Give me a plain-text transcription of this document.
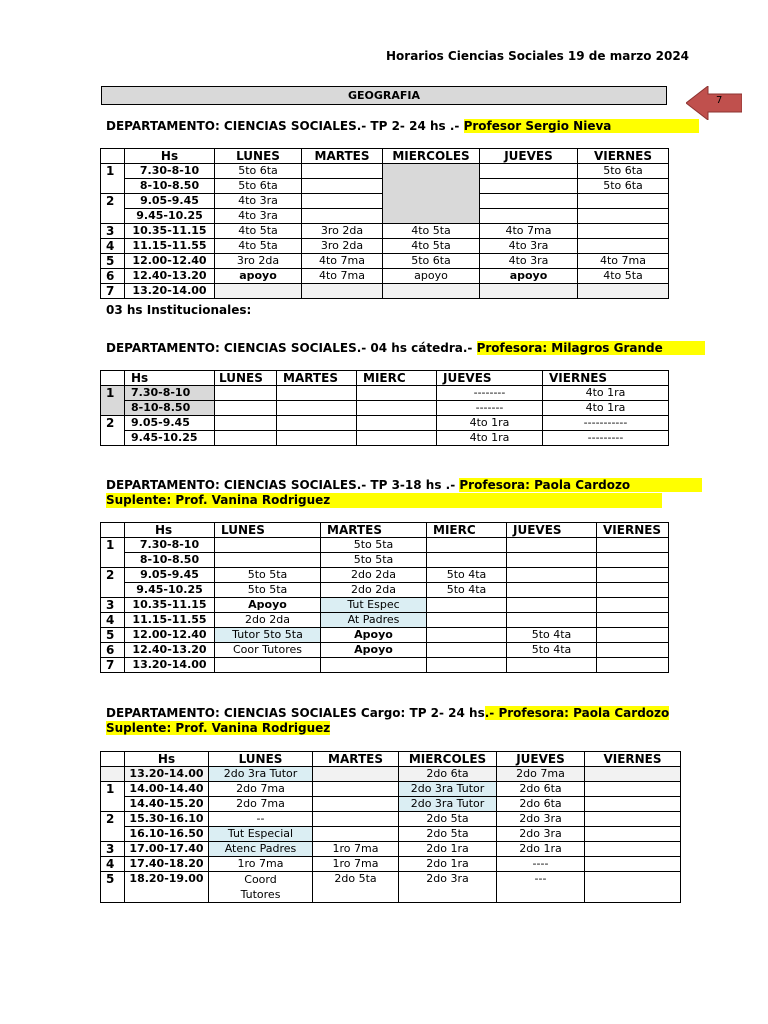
Horarios Ciencias Sociales 19 de marzo 2024
GEOGRAFIA	7
DEPARTAMENTO: CIENCIAS SOCIALES.- TP 2- 24 hs .- Profesor Sergio Nieva
	Hs	LUNES	MARTES	MIERCOLES	JUEVES	VIERNES
1	7.30-8-10	5to 6ta				5to 6ta
	8-10-8.50	5to 6ta				5to 6ta
2	9.05-9.45	4to 3ra				
	9.45-10.25	4to 3ra				
3	10.35-11.15	4to 5ta	3ro 2da	4to 5ta	4to 7ma	
4	11.15-11.55	4to 5ta	3ro 2da	4to 5ta	4to 3ra	
5	12.00-12.40	3ro 2da	4to 7ma	5to 6ta	4to 3ra	4to 7ma
6	12.40-13.20	apoyo	4to 7ma	apoyo	apoyo	4to 5ta
7	13.20-14.00					
03 hs Institucionales:
DEPARTAMENTO: CIENCIAS SOCIALES.- 04 hs cátedra.- Profesora: Milagros Grande
	Hs	LUNES	MARTES	MIERC	JUEVES	VIERNES
1	7.30-8-10				--------	4to 1ra
	8-10-8.50				-------	4to 1ra
2	9.05-9.45				4to 1ra	-----------
	9.45-10.25				4to 1ra	---------
DEPARTAMENTO: CIENCIAS SOCIALES.- TP 3-18 hs .- Profesora: Paola Cardozo
Suplente: Prof. Vanina Rodriguez
	Hs	LUNES	MARTES	MIERC	JUEVES	VIERNES
1	7.30-8-10		5to 5ta			
	8-10-8.50		5to 5ta			
2	9.05-9.45	5to 5ta	2do 2da	5to 4ta		
	9.45-10.25	5to 5ta	2do 2da	5to 4ta		
3	10.35-11.15	Apoyo	Tut Espec			
4	11.15-11.55	2do 2da	At Padres			
5	12.00-12.40	Tutor 5to 5ta	Apoyo		5to 4ta	
6	12.40-13.20	Coor Tutores	Apoyo		5to 4ta	
7	13.20-14.00					
DEPARTAMENTO: CIENCIAS SOCIALES Cargo: TP 2- 24 hs.- Profesora: Paola Cardozo
Suplente: Prof. Vanina Rodriguez
	Hs	LUNES	MARTES	MIERCOLES	JUEVES	VIERNES
	13.20-14.00	2do 3ra Tutor		2do 6ta	2do 7ma	
1	14.00-14.40	2do 7ma		2do 3ra Tutor	2do 6ta	
	14.40-15.20	2do 7ma		2do 3ra Tutor	2do 6ta	
2	15.30-16.10	--		2do 5ta	2do 3ra	
	16.10-16.50	Tut Especial		2do 5ta	2do 3ra	
3	17.00-17.40	Atenc Padres	1ro 7ma	2do 1ra	2do 1ra	
4	17.40-18.20	1ro 7ma	1ro 7ma	2do 1ra	----	
5	18.20-19.00	Coord
Tutores	2do 5ta	2do 3ra	---	
